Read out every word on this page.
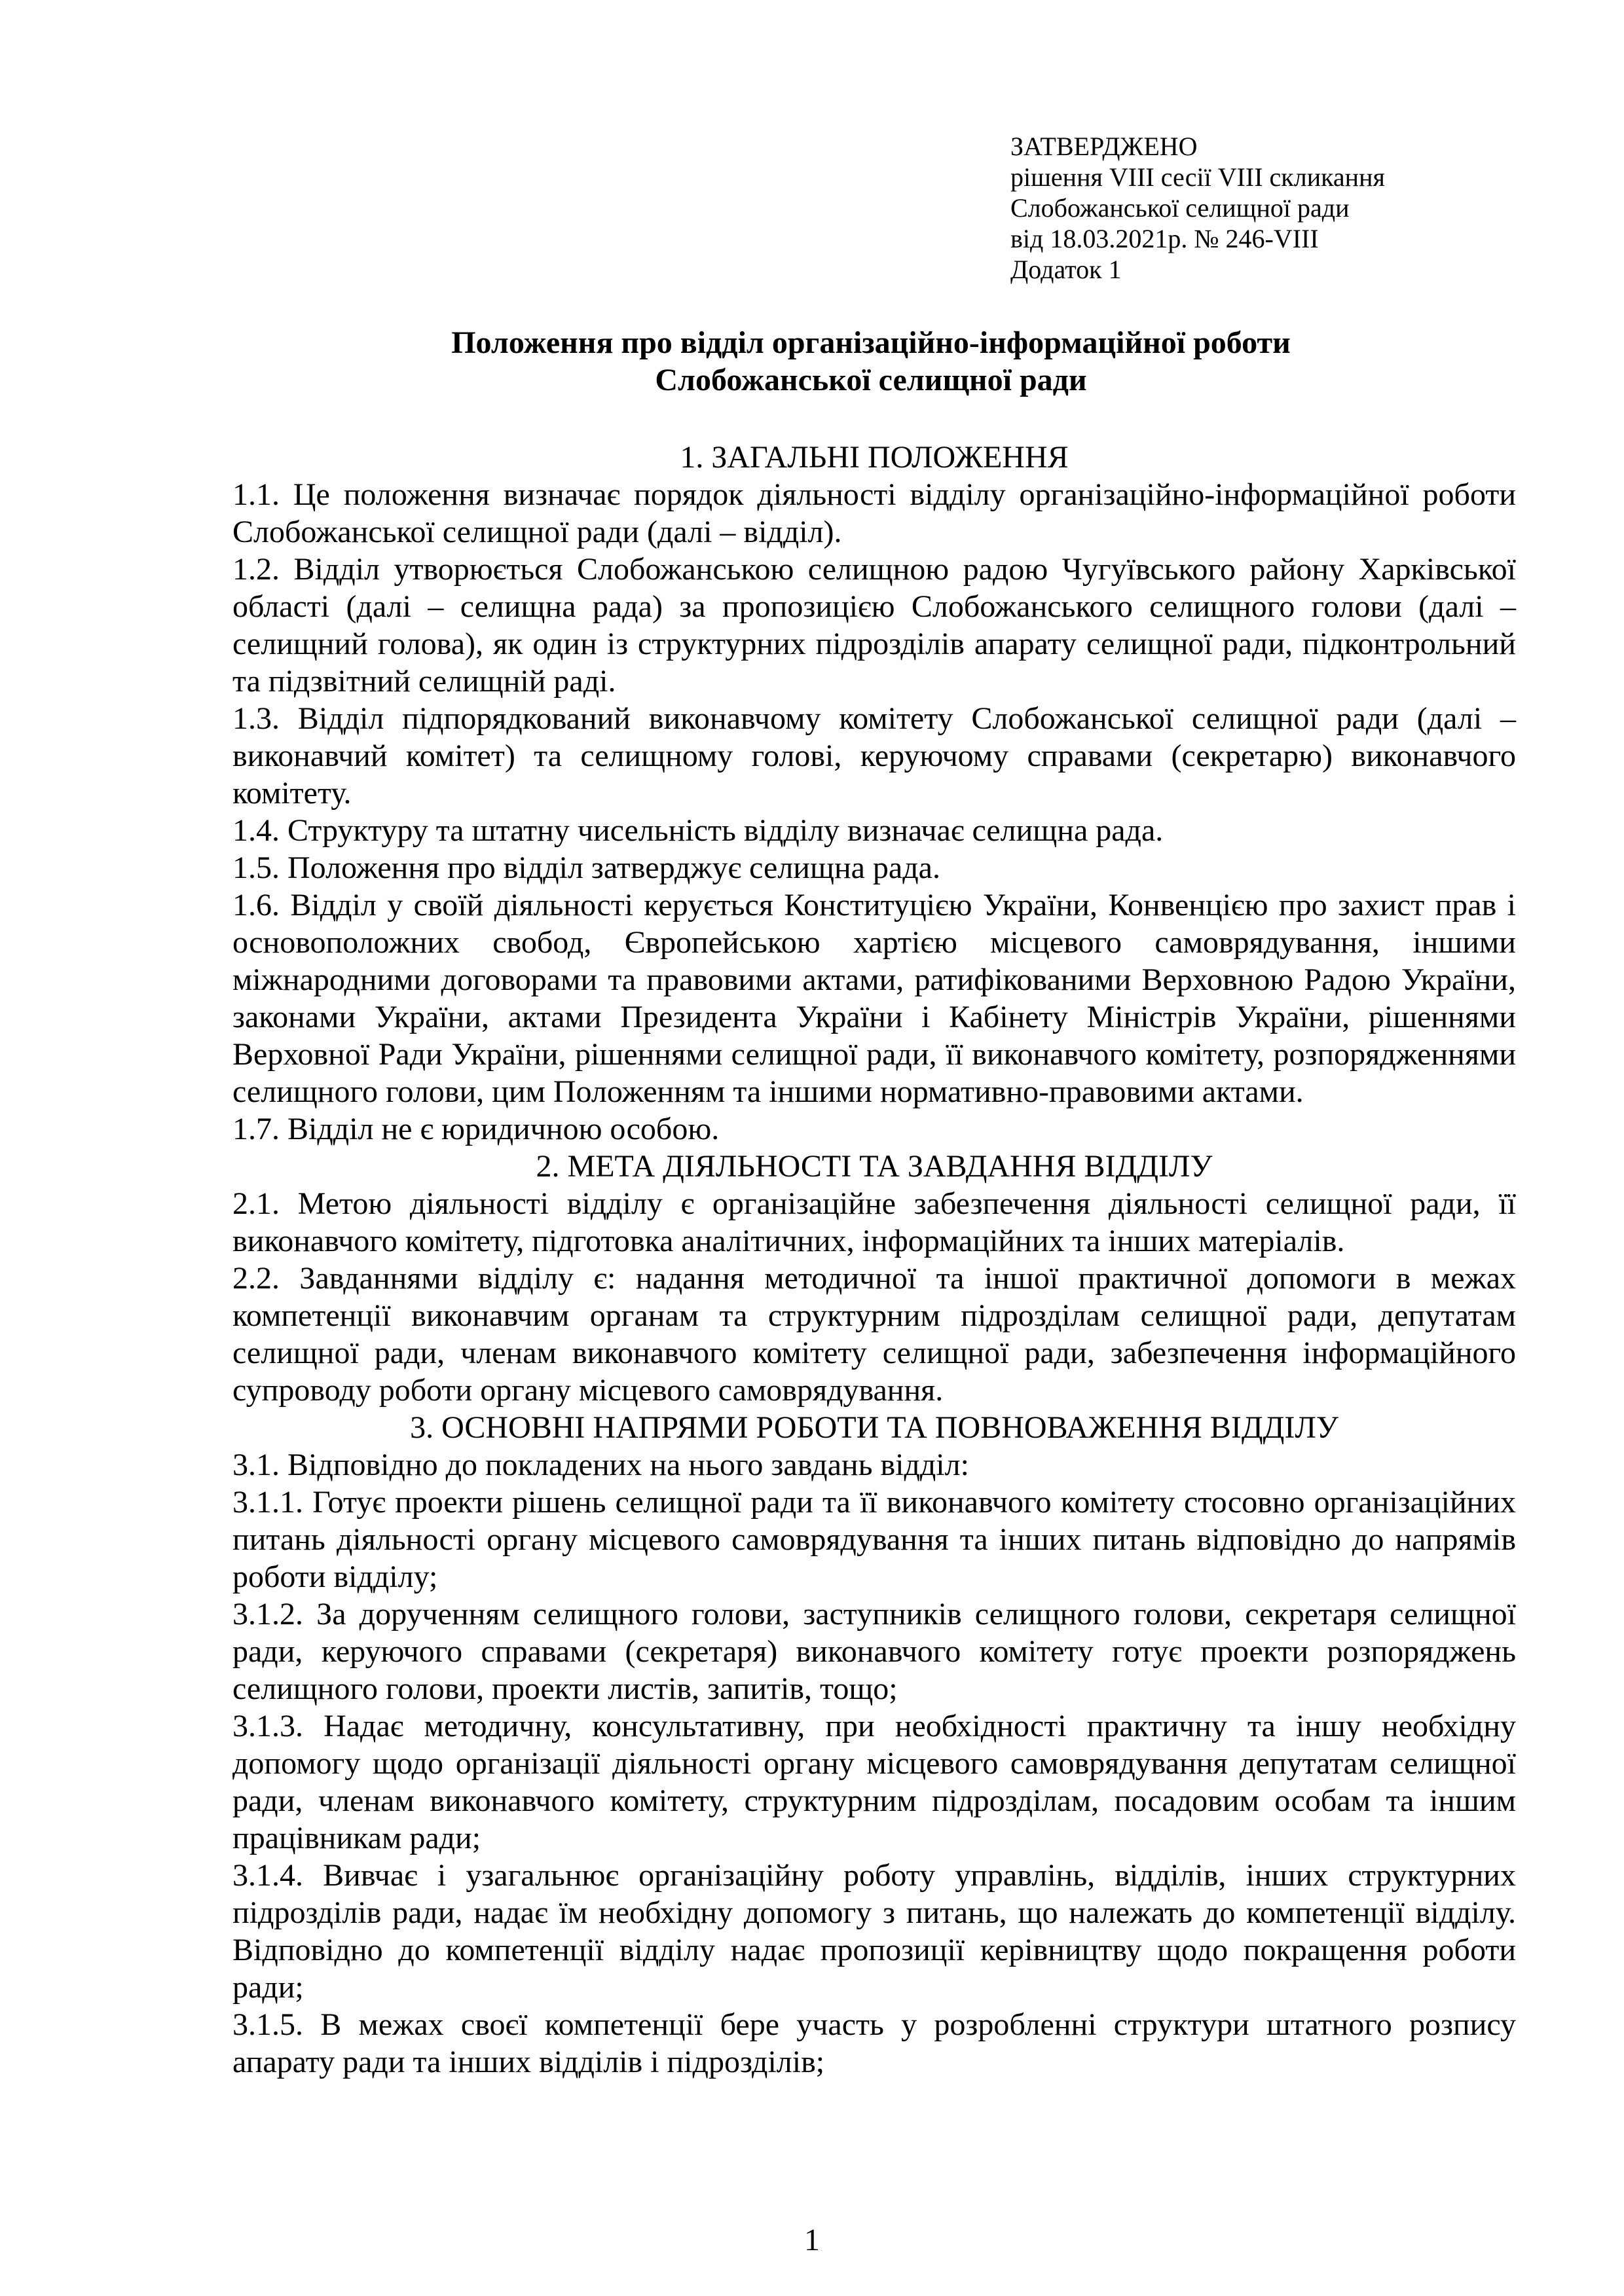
ЗАТВЕРДЖЕНО
рішення VIII сесії VIII скликання
Слобожанської селищної ради
від 18.03.2021р. № 246-VIII
Додаток 1
Положення про відділ організаційно-інформаційної роботи
Слобожанської селищної ради
1. ЗАГАЛЬНІ ПОЛОЖЕННЯ

1.1. Це положення визначає порядок діяльності відділу організаційно-інформаційної роботи Слобожанської селищної ради (далі – відділ).

1.2. Відділ утворюється Слобожанською селищною радою Чугуївського району Харківської області (далі – селищна рада) за пропозицією Слобожанського селищного голови (далі – селищний голова), як один із структурних підрозділів апарату селищної ради, підконтрольний та підзвітний селищній раді.

1.3. Відділ підпорядкований виконавчому комітету Слобожанської селищної ради (далі – виконавчий комітет) та селищному голові, керуючому справами (секретарю) виконавчого комітету.

1.4. Структуру та штатну чисельність відділу визначає селищна рада.

1.5. Положення про відділ затверджує селищна рада.

1.6. Відділ у своїй діяльності керується Конституцією України, Конвенцією про захист прав і основоположних свобод, Європейською хартією місцевого самоврядування, іншими міжнародними договорами та правовими актами, ратифікованими Верховною Радою України, законами України, актами Президента України і Кабінету Міністрів України, рішеннями Верховної Ради України, рішеннями селищної ради, її виконавчого комітету, розпорядженнями селищного голови, цим Положенням та іншими нормативно-правовими актами.

1.7. Відділ не є юридичною особою.

2. МЕТА ДІЯЛЬНОСТІ ТА ЗАВДАННЯ ВІДДІЛУ

2.1. Метою діяльності відділу є організаційне забезпечення діяльності селищної ради, її виконавчого комітету, підготовка аналітичних, інформаційних та інших матеріалів.

2.2. Завданнями відділу є: надання методичної та іншої практичної допомоги в межах компетенції виконавчим органам та структурним підрозділам селищної ради, депутатам селищної ради, членам виконавчого комітету селищної ради, забезпечення інформаційного супроводу роботи органу місцевого самоврядування.

3. ОСНОВНІ НАПРЯМИ РОБОТИ ТА ПОВНОВАЖЕННЯ ВІДДІЛУ

3.1. Відповідно до покладених на нього завдань відділ:

3.1.1. Готує проекти рішень селищної ради та її виконавчого комітету стосовно організаційних питань діяльності органу місцевого самоврядування та інших питань відповідно до напрямів роботи відділу;

3.1.2. За дорученням селищного голови, заступників селищного голови, секретаря селищної ради, керуючого справами (секретаря) виконавчого комітету готує проекти розпоряджень селищного голови, проекти листів, запитів, тощо;

3.1.3. Надає методичну, консультативну, при необхідності практичну та іншу необхідну допомогу щодо організації діяльності органу місцевого самоврядування депутатам селищної ради, членам виконавчого комітету, структурним підрозділам, посадовим особам та іншим працівникам ради;

3.1.4. Вивчає і узагальнює організаційну роботу управлінь, відділів, інших структурних підрозділів ради, надає їм необхідну допомогу з питань, що належать до компетенції відділу. Відповідно до компетенції відділу надає пропозиції керівництву щодо покращення роботи ради;

3.1.5. В межах своєї компетенції бере участь у розробленні структури штатного розпису апарату ради та інших відділів і підрозділів;

1
